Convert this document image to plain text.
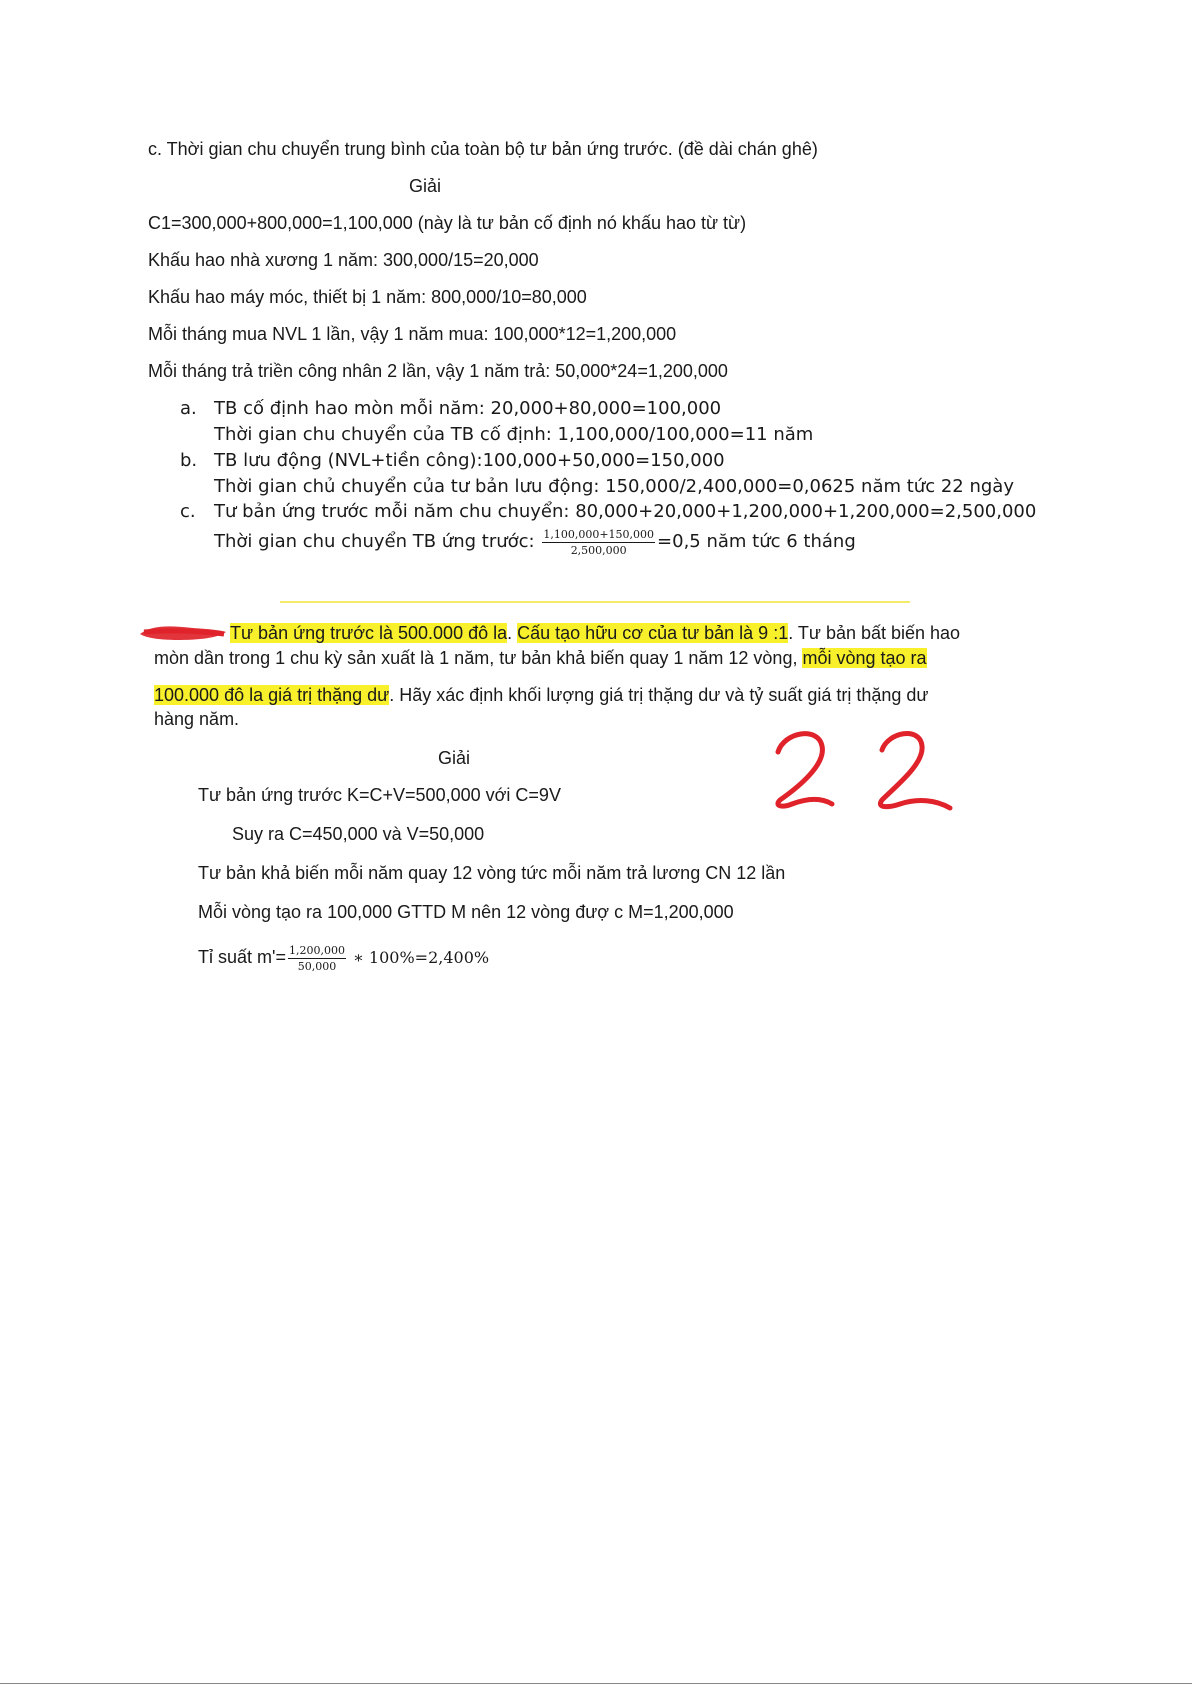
c. Thời gian chu chuyển trung bình của toàn bộ tư bản ứng trước. (đề dài chán ghê)
Giải
C1=300,000+800,000=1,100,000 (này là tư bản cố định nó khấu hao từ từ)
Khấu hao nhà xương 1 năm: 300,000/15=20,000
Khấu hao máy móc, thiết bị 1 năm: 800,000/10=80,000
Mỗi tháng mua NVL 1 lần, vậy 1 năm mua: 100,000*12=1,200,000
Mỗi tháng trả triền công nhân 2 lần, vậy 1 năm trả: 50,000*24=1,200,000
a. TB cố định hao mòn mỗi năm: 20,000+80,000=100,000
Thời gian chu chuyển của TB cố định: 1,100,000/100,000=11 năm
b. TB lưu động (NVL+tiền công):100,000+50,000=150,000
Thời gian chủ chuyển của tư bản lưu động: 150,000/2,400,000=0,0625 năm tức 22 ngày
c. Tư bản ứng trước mỗi năm chu chuyển: 80,000+20,000+1,200,000+1,200,000=2,500,000
Thời gian chu chuyển TB ứng trước: $\frac{1,100,000+150,000}{2,500,000} =0,5$ năm tức 6 tháng
Tư bản ứng trước là 500.000 đô la. Cấu tạo hữu cơ của tư bản là 9 :1. Tư bản bất biến hao
mòn dần trong 1 chu kỳ sản xuất là 1 năm, tư bản khả biến quay 1 năm 12 vòng, mỗi vòng tạo ra
100.000 đô la giá trị thặng dư. Hãy xác định khối lượng giá trị thặng dư và tỷ suất giá trị thặng dư
hàng năm.
Giải
Tư bản ứng trước K=C+V=500,000 với C=9V
Suy ra C=450,000 và V=50,000
Tư bản khả biến mỗi năm quay 12 vòng tức mỗi năm trả lương CN 12 lần
Mỗi vòng tạo ra 100,000 GTTD M nên 12 vòng đượ c M=1,200,000
Tỉ suất $m'= \frac{1,200,000}{50,000}$ ∗ 100%=2,400%
